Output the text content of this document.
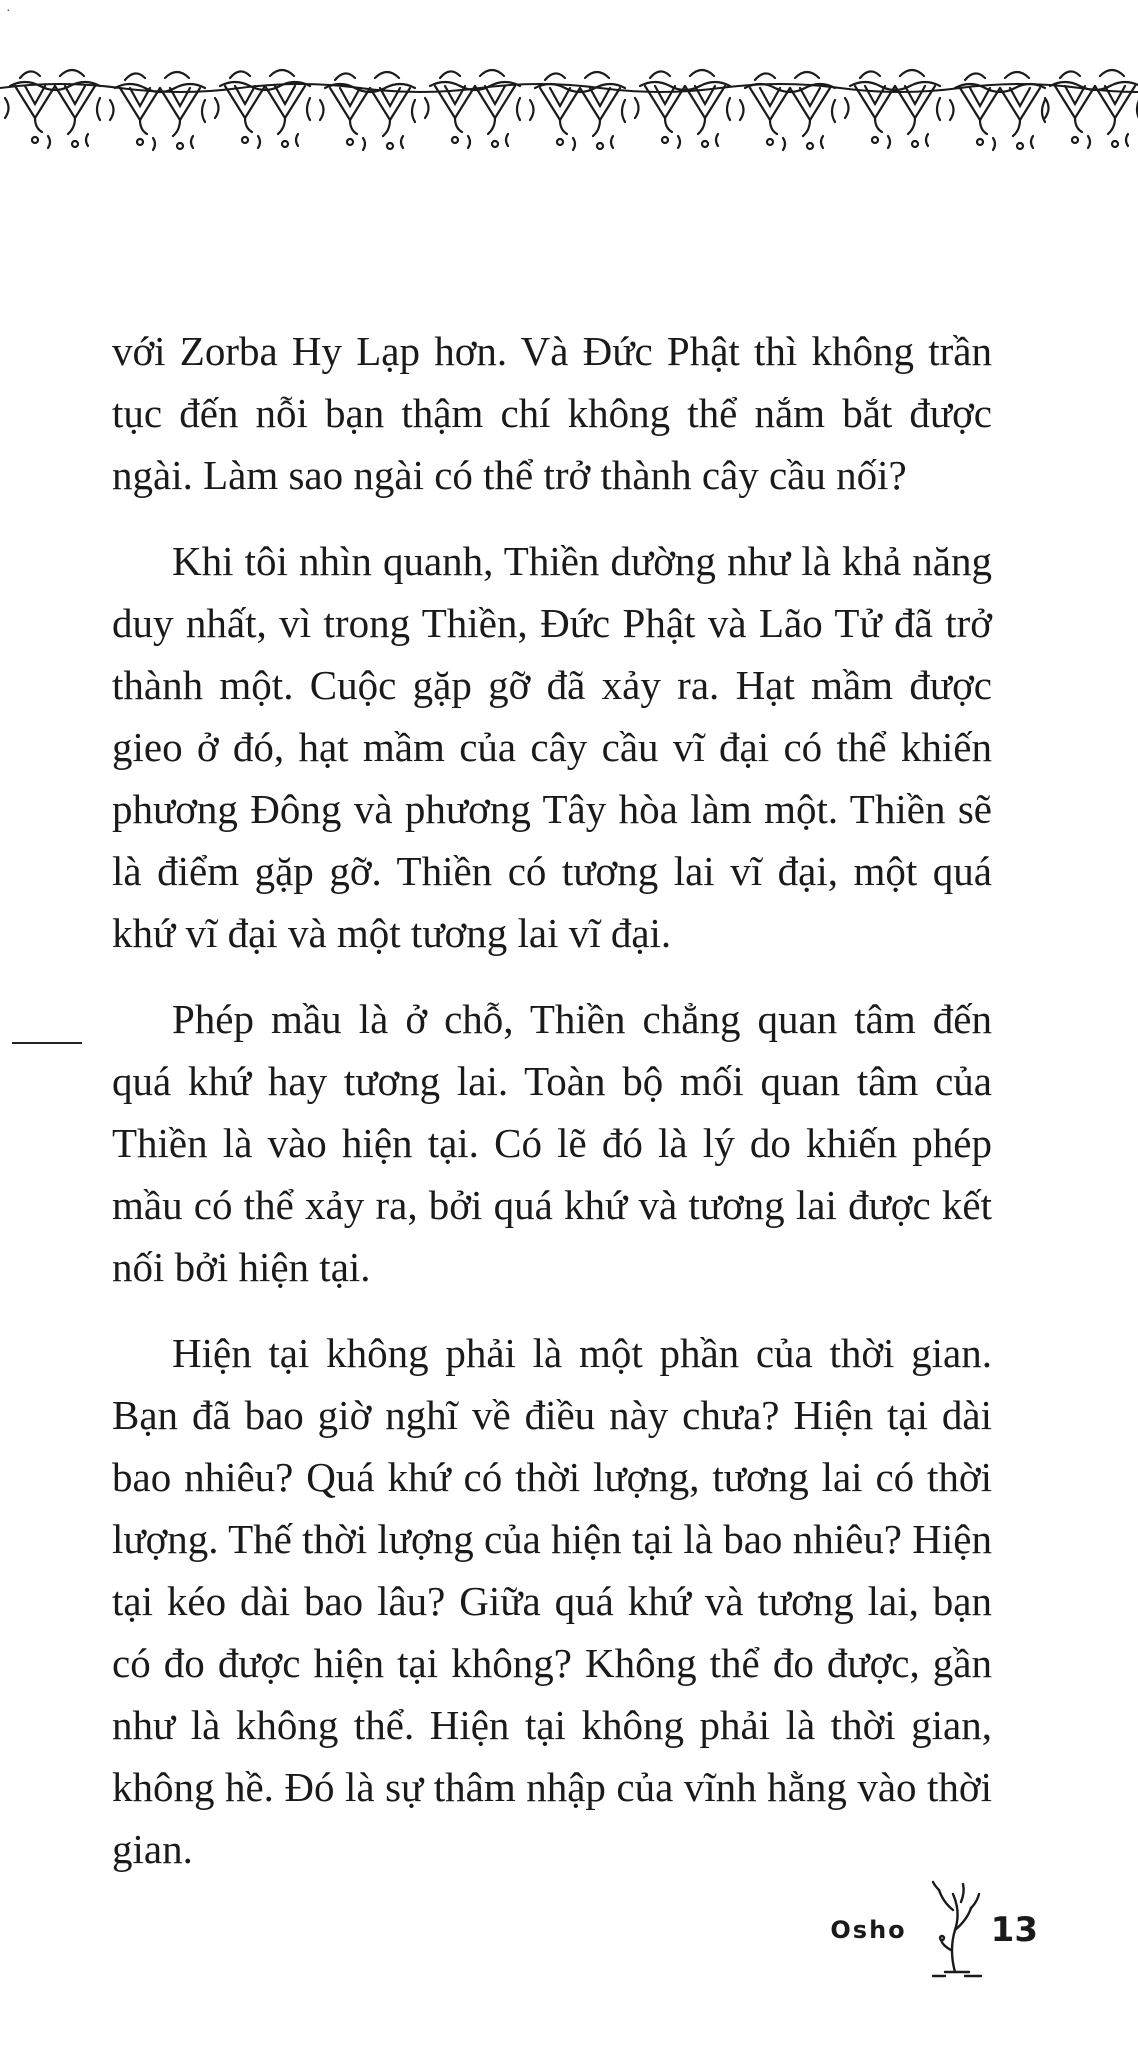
·

với Zorba Hy Lạp hơn. Và Đức Phật thì không trần tục đến nỗi bạn thậm chí không thể nắm bắt được ngài. Làm sao ngài có thể trở thành cây cầu nối?

Khi tôi nhìn quanh, Thiền dường như là khả năng duy nhất, vì trong Thiền, Đức Phật và Lão Tử đã trở thành một. Cuộc gặp gỡ đã xảy ra. Hạt mầm được gieo ở đó, hạt mầm của cây cầu vĩ đại có thể khiến phương Đông và phương Tây hòa làm một. Thiền sẽ là điểm gặp gỡ. Thiền có tương lai vĩ đại, một quá khứ vĩ đại và một tương lai vĩ đại.

Phép mầu là ở chỗ, Thiền chẳng quan tâm đến quá khứ hay tương lai. Toàn bộ mối quan tâm của Thiền là vào hiện tại. Có lẽ đó là lý do khiến phép mầu có thể xảy ra, bởi quá khứ và tương lai được kết nối bởi hiện tại.

Hiện tại không phải là một phần của thời gian. Bạn đã bao giờ nghĩ về điều này chưa? Hiện tại dài bao nhiêu? Quá khứ có thời lượng, tương lai có thời lượng. Thế thời lượng của hiện tại là bao nhiêu? Hiện tại kéo dài bao lâu? Giữa quá khứ và tương lai, bạn có đo được hiện tại không? Không thể đo được, gần như là không thể. Hiện tại không phải là thời gian, không hề. Đó là sự thâm nhập của vĩnh hằng vào thời gian.

Osho 13
